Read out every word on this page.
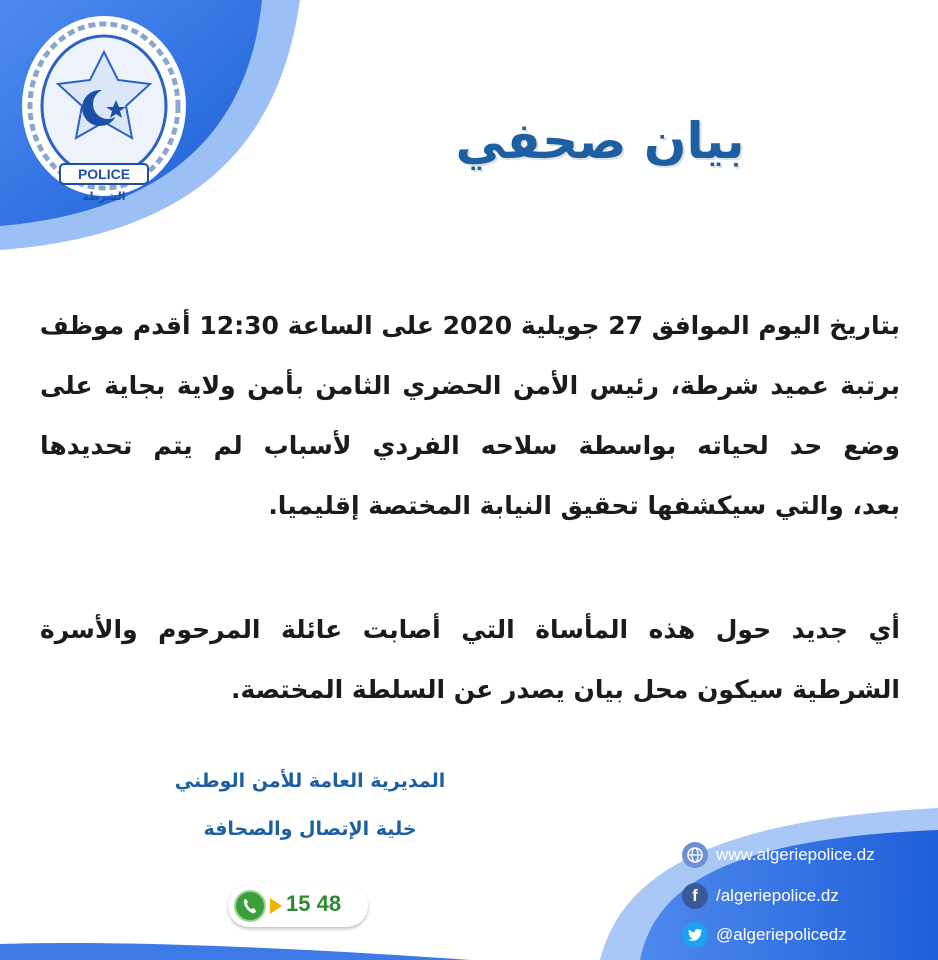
POLICE
الشرطة
بيان صحفي
بتاريخ اليوم الموافق 27 جويلية 2020 على الساعة 12:30 أقدم موظف
برتبة عميد شرطة، رئيس الأمن الحضري الثامن بأمن ولاية بجاية على
وضع حد لحياته بواسطة سلاحه الفردي لأسباب لم يتم تحديدها
بعد، والتي سيكشفها تحقيق النيابة المختصة إقليميا.
أي جديد حول هذه المأساة التي أصابت عائلة المرحوم والأسرة
الشرطية سيكون محل بيان يصدر عن السلطة المختصة.
المديرية العامة للأمن الوطني
خلية الإتصال والصحافة
15 48
www.algeriepolice.dz
f /algeriepolice.dz
@algeriepolicedz
